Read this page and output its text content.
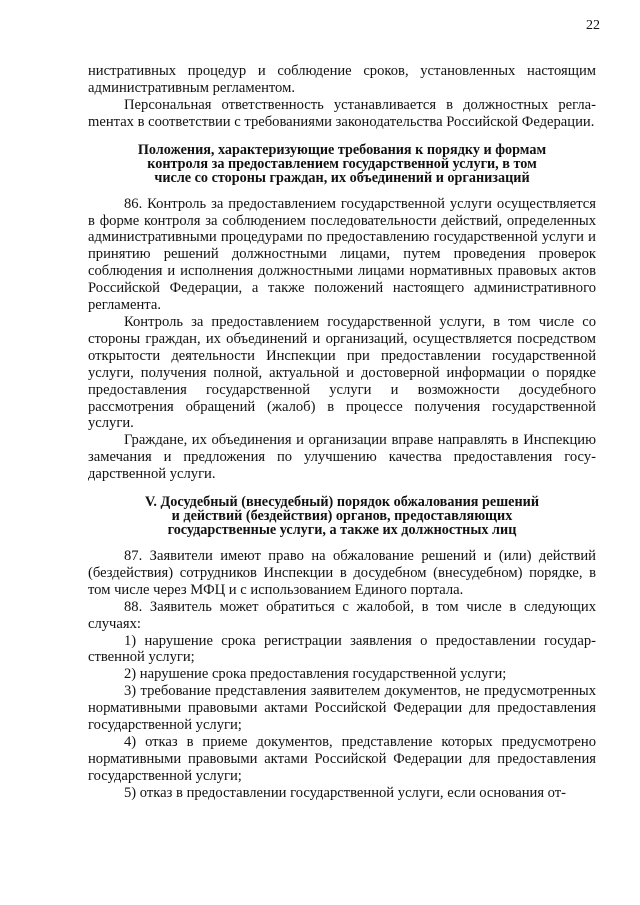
22

нистративных процедур и соблюдение сроков, установленных настоящим административным регламентом.

Персональная ответственность устанавливается в должностных реглаmентах в соответствии с требованиями законодательства Российской Федерации.

Положения, характеризующие требования к порядку и формам
контроля за предоставлением государственной услуги, в том
числе со стороны граждан, их объединений и организаций

86. Контроль за предоставлением государственной услуги осуществляется в форме контроля за соблюдением последовательности действий, определенных административными процедурами по предоставлению государственной услуги и принятию решений должностными лицами, путем проведения проверок соблюдения и исполнения должностными лицами нормативных правовых актов Российской Федерации, а также положений настоящего административного регламента.

Контроль за предоставлением государственной услуги, в том числе со стороны граждан, их объединений и организаций, осуществляется посредством открытости деятельности Инспекции при предоставлении государственной услуги, получения полной, актуальной и достоверной информации о порядке предоставления государственной услуги и возможности досудебного рассмотрения обращений (жалоб) в процессе получения государственной услуги.

Граждане, их объединения и организации вправе направлять в Инспекцию замечания и предложения по улучшению качества предоставления государственной услуги.

V. Досудебный (внесудебный) порядок обжалования решений
и действий (бездействия) органов, предоставляющих
государственные услуги, а также их должностных лиц

87. Заявители имеют право на обжалование решений и (или) действий (бездействия) сотрудников Инспекции в досудебном (внесудебном) порядке, в том числе через МФЦ и с использованием Единого портала.

88. Заявитель может обратиться с жалобой, в том числе в следующих случаях:

1) нарушение срока регистрации заявления о предоставлении государственной услуги;

2) нарушение срока предоставления государственной услуги;

3) требование представления заявителем документов, не предусмотренных нормативными правовыми актами Российской Федерации для предоставления государственной услуги;

4) отказ в приеме документов, представление которых предусмотрено нормативными правовыми актами Российской Федерации для предоставления государственной услуги;

5) отказ в предоставлении государственной услуги, если основания от-
